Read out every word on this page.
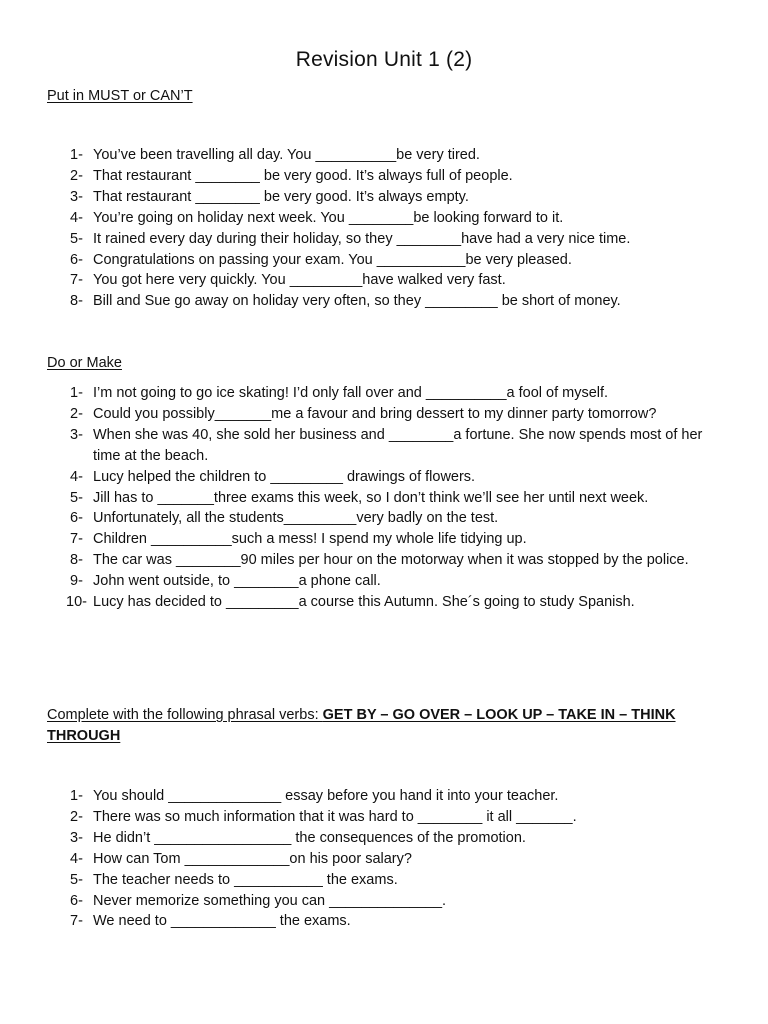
Revision Unit 1 (2)
Put in MUST or CAN’T
1- You’ve been travelling all day. You __________be very tired.
2- That restaurant ________ be very good. It’s always full of people.
3- That restaurant ________ be very good. It’s always empty.
4- You’re going on holiday next week. You ________be looking forward to it.
5- It rained every day during their holiday, so they ________have had a very nice time.
6- Congratulations on passing your exam. You ___________be very pleased.
7- You got here very quickly. You _________have walked very fast.
8- Bill and Sue go away on holiday very often, so they _________ be short of money.
Do or Make
1- I’m not going to go ice skating! I’d only fall over and __________a fool of myself.
2- Could you possibly_______me a favour and bring dessert to my dinner party tomorrow?
3- When she was 40, she sold her business and ________a fortune. She now spends most of her time at the beach.
4- Lucy helped the children to _________ drawings of flowers.
5- Jill has to _______three exams this week, so I don’t think we’ll see her until next week.
6- Unfortunately, all the students_________very badly on the test.
7- Children __________such a mess! I spend my whole life tidying up.
8- The car was ________90 miles per hour on the motorway when it was stopped by the police.
9- John went outside, to ________a phone call.
10- Lucy has decided to _________a course this Autumn. She´s going to study Spanish.
Complete with the following phrasal verbs: GET BY – GO OVER – LOOK UP – TAKE IN – THINK THROUGH
1- You should ______________ essay before you hand it into your teacher.
2- There was so much information that it was hard to ________ it all _______.
3- He didn’t _________________ the consequences of the promotion.
4- How can Tom _____________on his poor salary?
5- The teacher needs to ___________ the exams.
6- Never memorize something you can ______________.
7- We need to _____________ the exams.
